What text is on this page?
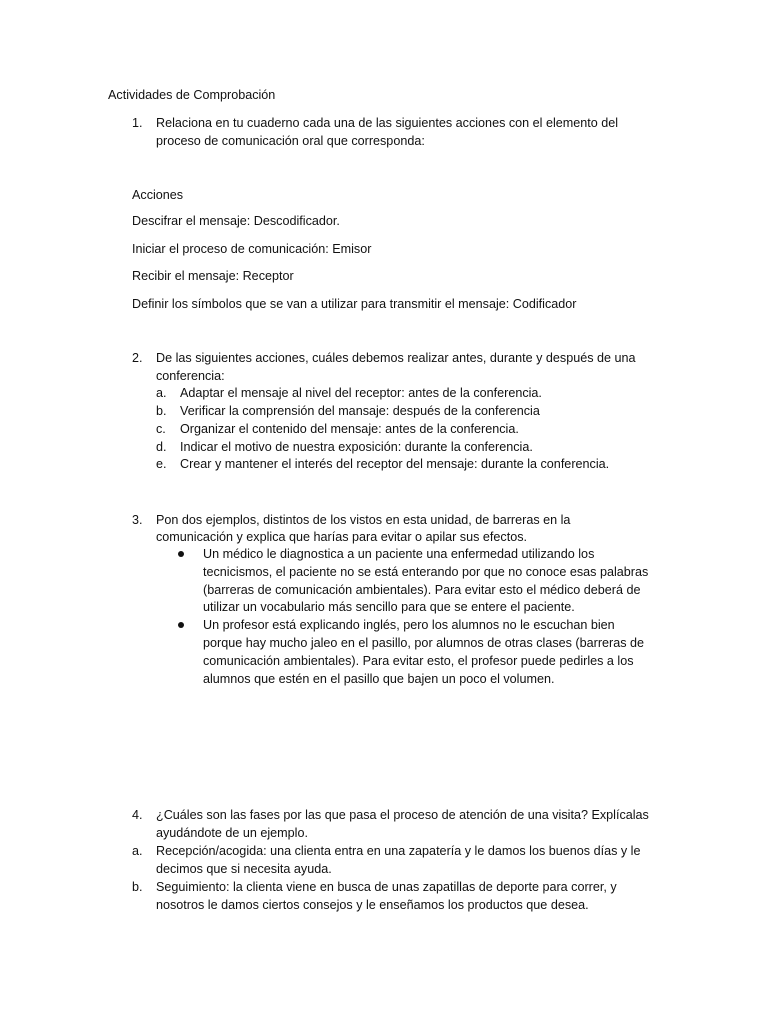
Actividades de Comprobación
1. Relaciona en tu cuaderno cada una de las siguientes acciones con el elemento del
proceso de comunicación oral que corresponda:
Acciones
Descifrar el mensaje: Descodificador.
Iniciar el proceso de comunicación: Emisor
Recibir el mensaje: Receptor
Definir los símbolos que se van a utilizar para transmitir el mensaje: Codificador
2. De las siguientes acciones, cuáles debemos realizar antes, durante y después de una
conferencia:
a. Adaptar el mensaje al nivel del receptor: antes de la conferencia.
b. Verificar la comprensión del mansaje: después de la conferencia
c. Organizar el contenido del mensaje: antes de la conferencia.
d. Indicar el motivo de nuestra exposición: durante la conferencia.
e. Crear y mantener el interés del receptor del mensaje: durante la conferencia.
3. Pon dos ejemplos, distintos de los vistos en esta unidad, de barreras en la
comunicación y explica que harías para evitar o apilar sus efectos.
Un médico le diagnostica a un paciente una enfermedad utilizando los
tecnicismos, el paciente no se está enterando por que no conoce esas palabras
(barreras de comunicación ambientales). Para evitar esto el médico deberá de
utilizar un vocabulario más sencillo para que se entere el paciente.
Un profesor está explicando inglés, pero los alumnos no le escuchan bien
porque hay mucho jaleo en el pasillo, por alumnos de otras clases (barreras de
comunicación ambientales). Para evitar esto, el profesor puede pedirles a los
alumnos que estén en el pasillo que bajen un poco el volumen.
4. ¿Cuáles son las fases por las que pasa el proceso de atención de una visita? Explícalas
ayudándote de un ejemplo.
a. Recepción/acogida: una clienta entra en una zapatería y le damos los buenos días y le
decimos que si necesita ayuda.
b. Seguimiento: la clienta viene en busca de unas zapatillas de deporte para correr, y
nosotros le damos ciertos consejos y le enseñamos los productos que desea.
